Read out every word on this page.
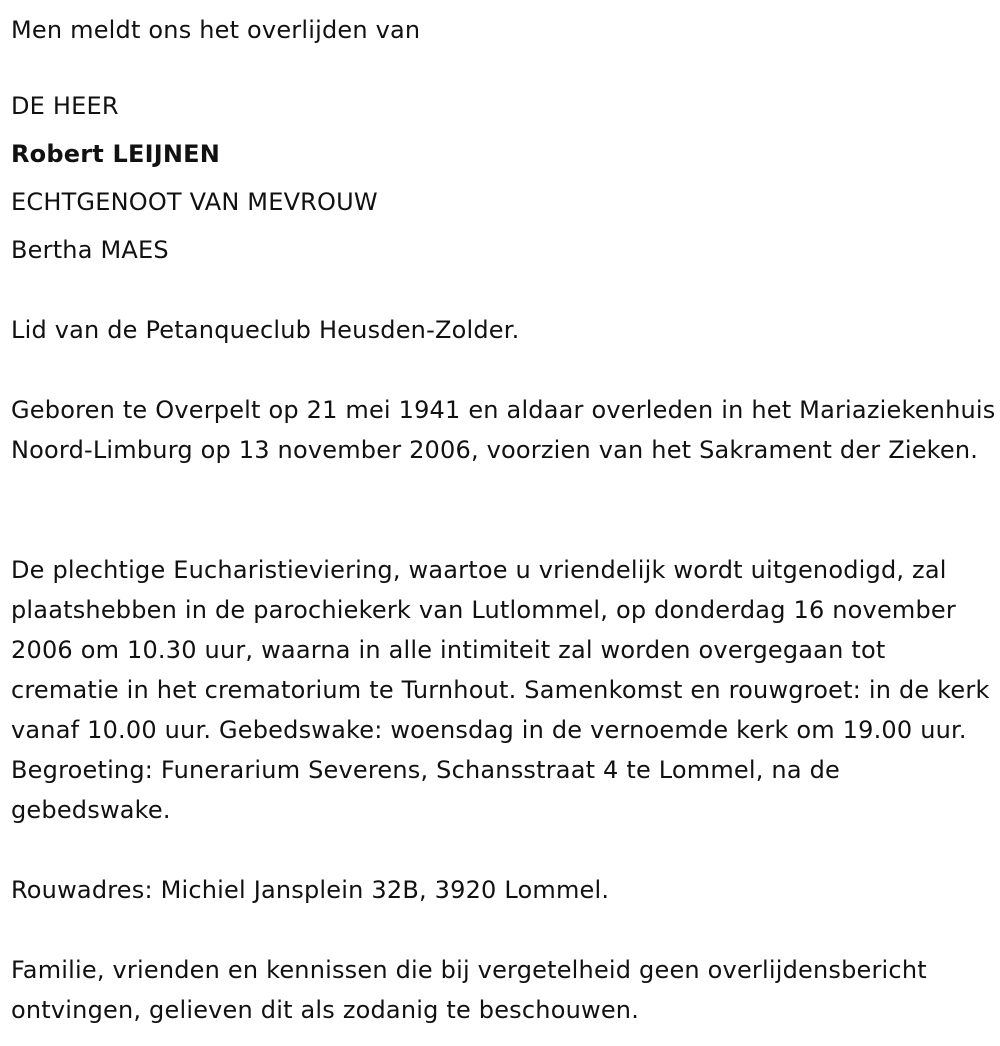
Men meldt ons het overlijden van
DE HEER
Robert LEIJNEN
ECHTGENOOT VAN MEVROUW
Bertha MAES

Lid van de Petanqueclub Heusden-Zolder.

Geboren te Overpelt op 21 mei 1941 en aldaar overleden in het Mariaziekenhuis Noord-Limburg op 13 november 2006, voorzien van het Sakrament der Zieken.

De plechtige Eucharistieviering, waartoe u vriendelijk wordt uitgenodigd, zal plaatshebben in de parochiekerk van Lutlommel, op donderdag 16 november 2006 om 10.30 uur, waarna in alle intimiteit zal worden overgegaan tot crematie in het crematorium te Turnhout. Samenkomst en rouwgroet: in de kerk vanaf 10.00 uur. Gebedswake: woensdag in de vernoemde kerk om 19.00 uur. Begroeting: Funerarium Severens, Schansstraat 4 te Lommel, na de gebedswake.

Rouwadres: Michiel Jansplein 32B, 3920 Lommel.

Familie, vrienden en kennissen die bij vergetelheid geen overlijdensbericht ontvingen, gelieven dit als zodanig te beschouwen.
